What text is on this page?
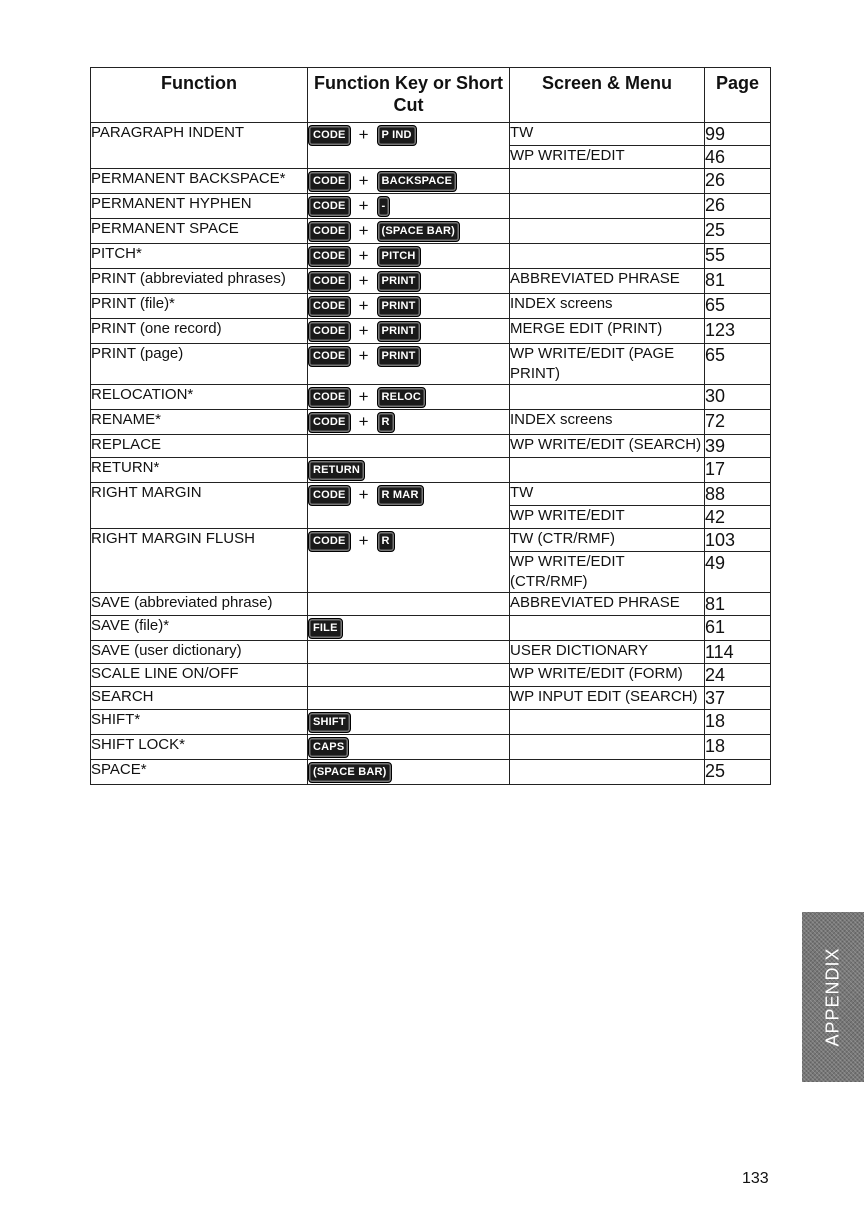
Function	Function Key or Short Cut	Screen & Menu	Page
PARAGRAPH INDENT	CODE + P IND	TW	99
		WP WRITE/EDIT	46
PERMANENT BACKSPACE*	CODE + BACKSPACE		26
PERMANENT HYPHEN	CODE + -		26
PERMANENT SPACE	CODE + (SPACE BAR)		25
PITCH*	CODE + PITCH		55
PRINT (abbreviated phrases)	CODE + PRINT	ABBREVIATED PHRASE	81
PRINT (file)*	CODE + PRINT	INDEX screens	65
PRINT (one record)	CODE + PRINT	MERGE EDIT (PRINT)	123
PRINT (page)	CODE + PRINT	WP WRITE/EDIT (PAGE PRINT)	65
RELOCATION*	CODE + RELOC		30
RENAME*	CODE + R	INDEX screens	72
REPLACE		WP WRITE/EDIT (SEARCH)	39
RETURN*	RETURN		17
RIGHT MARGIN	CODE + R MAR	TW	88
		WP WRITE/EDIT	42
RIGHT MARGIN FLUSH	CODE + R	TW (CTR/RMF)	103
		WP WRITE/EDIT (CTR/RMF)	49
SAVE (abbreviated phrase)		ABBREVIATED PHRASE	81
SAVE (file)*	FILE		61
SAVE (user dictionary)		USER DICTIONARY	114
SCALE LINE ON/OFF		WP WRITE/EDIT (FORM)	24
SEARCH		WP INPUT EDIT (SEARCH)	37
SHIFT*	SHIFT		18
SHIFT LOCK*	CAPS		18
SPACE*	(SPACE BAR)		25
APPENDIX
133
